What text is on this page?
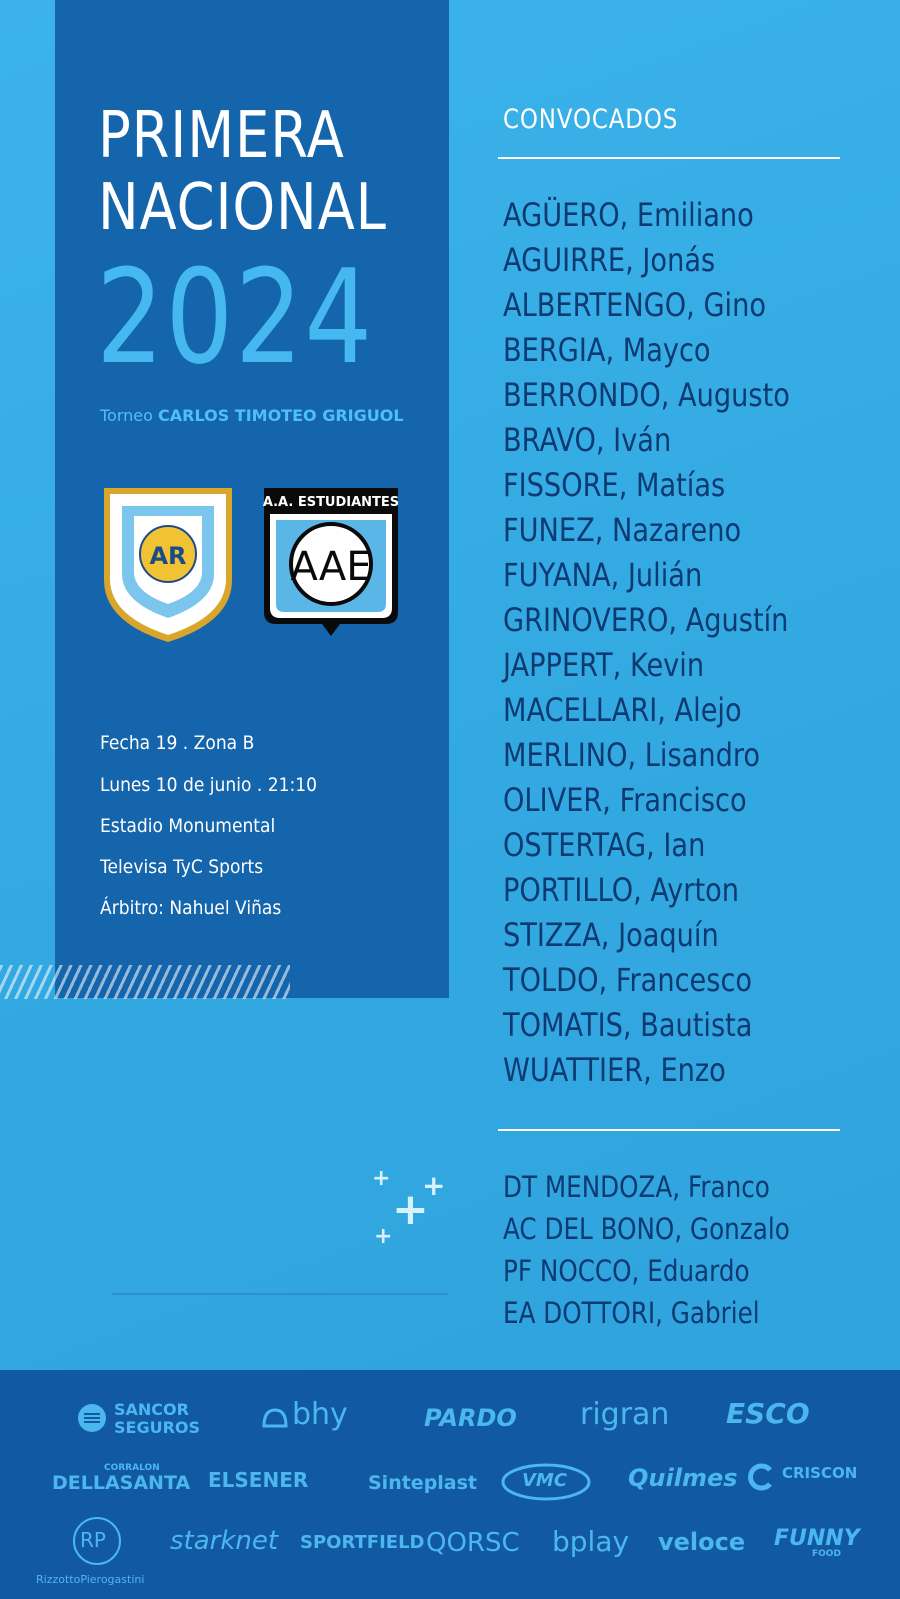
PRIMERA
NACIONAL
2024
Torneo CARLOS TIMOTEO GRIGUOL
AR
A.A. ESTUDIANTES
AAE
Fecha 19 . Zona B
Lunes 10 de junio . 21:10
Estadio Monumental
Televisa TyC Sports
Árbitro: Nahuel Viñas
CONVOCADOS
AGÜERO, Emiliano
AGUIRRE, Jonás
ALBERTENGO, Gino
BERGIA, Mayco
BERRONDO, Augusto
BRAVO, Iván
FISSORE, Matías
FUNEZ, Nazareno
FUYANA, Julián
GRINOVERO, Agustín
JAPPERT, Kevin
MACELLARI, Alejo
MERLINO, Lisandro
OLIVER, Francisco
OSTERTAG, Ian
PORTILLO, Ayrton
STIZZA, Joaquín
TOLDO, Francesco
TOMATIS, Bautista
WUATTIER, Enzo
DT MENDOZA, Franco
AC DEL BONO, Gonzalo
PF NOCCO, Eduardo
EA DOTTORI, Gabriel
+ +
+
+
SANCOR
SEGUROS	bhy	PARDO rigran ESCO
CORRALON
DELLASANTA ELSENER	Sinteplast VMC	Quilmes	CRISCON
RP
RizzottoPierogastini
starknet SPORTFIELD QORSC bplay veloce FUNNY
FOOD
